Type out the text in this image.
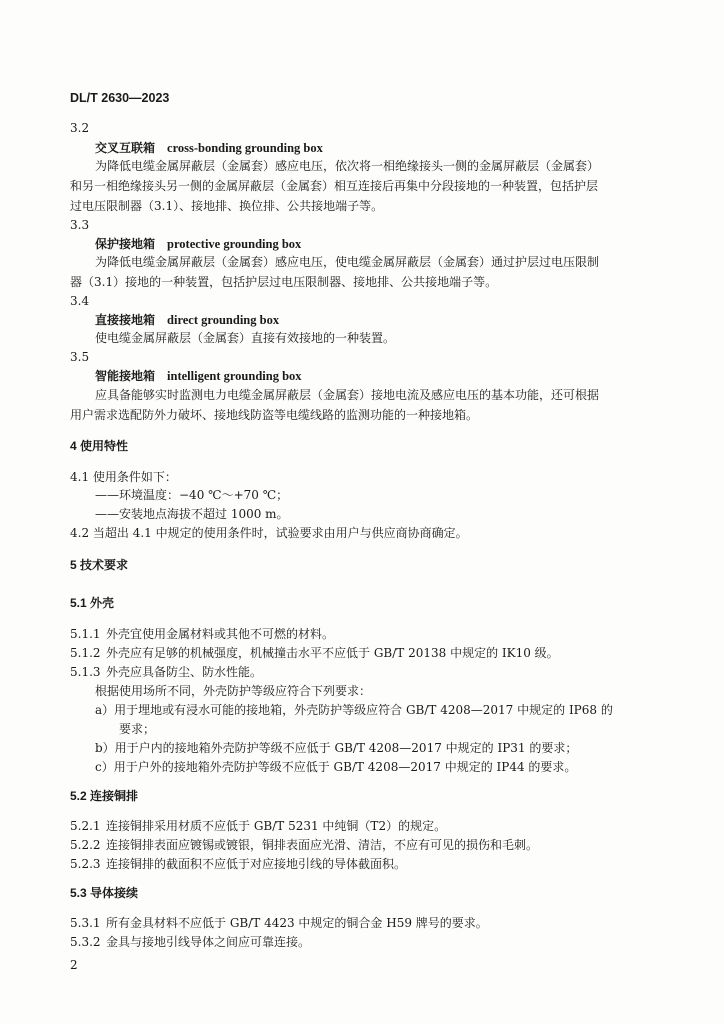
DL/T 2630—2023
3.2
交叉互联箱 cross-bonding grounding box
为降低电缆金属屏蔽层（金属套）感应电压，依次将一相绝缘接头一侧的金属屏蔽层（金属套）
和另一相绝缘接头另一侧的金属屏蔽层（金属套）相互连接后再集中分段接地的一种装置，包括护层
过电压限制器（3.1）、接地排、换位排、公共接地端子等。
3.3
保护接地箱 protective grounding box
为降低电缆金属屏蔽层（金属套）感应电压，使电缆金属屏蔽层（金属套）通过护层过电压限制
器（3.1）接地的一种装置，包括护层过电压限制器、接地排、公共接地端子等。
3.4
直接接地箱 direct grounding box
使电缆金属屏蔽层（金属套）直接有效接地的一种装置。
3.5
智能接地箱 intelligent grounding box
应具备能够实时监测电力电缆金属屏蔽层（金属套）接地电流及感应电压的基本功能，还可根据
用户需求选配防外力破坏、接地线防盗等电缆线路的监测功能的一种接地箱。
4 使用特性
4.1 使用条件如下：
——环境温度：−40 ℃～+70 ℃；
——安装地点海拔不超过 1000 m。
4.2 当超出 4.1 中规定的使用条件时，试验要求由用户与供应商协商确定。
5 技术要求
5.1 外壳
5.1.1 外壳宜使用金属材料或其他不可燃的材料。
5.1.2 外壳应有足够的机械强度，机械撞击水平不应低于 GB/T 20138 中规定的 IK10 级。
5.1.3 外壳应具备防尘、防水性能。
根据使用场所不同，外壳防护等级应符合下列要求：
a）用于埋地或有浸水可能的接地箱，外壳防护等级应符合 GB/T 4208—2017 中规定的 IP68 的
要求；
b）用于户内的接地箱外壳防护等级不应低于 GB/T 4208—2017 中规定的 IP31 的要求；
c）用于户外的接地箱外壳防护等级不应低于 GB/T 4208—2017 中规定的 IP44 的要求。
5.2 连接铜排
5.2.1 连接铜排采用材质不应低于 GB/T 5231 中纯铜（T2）的规定。
5.2.2 连接铜排表面应镀锡或镀银，铜排表面应光滑、清洁，不应有可见的损伤和毛刺。
5.2.3 连接铜排的截面积不应低于对应接地引线的导体截面积。
5.3 导体接续
5.3.1 所有金具材料不应低于 GB/T 4423 中规定的铜合金 H59 牌号的要求。
5.3.2 金具与接地引线导体之间应可靠连接。
2
